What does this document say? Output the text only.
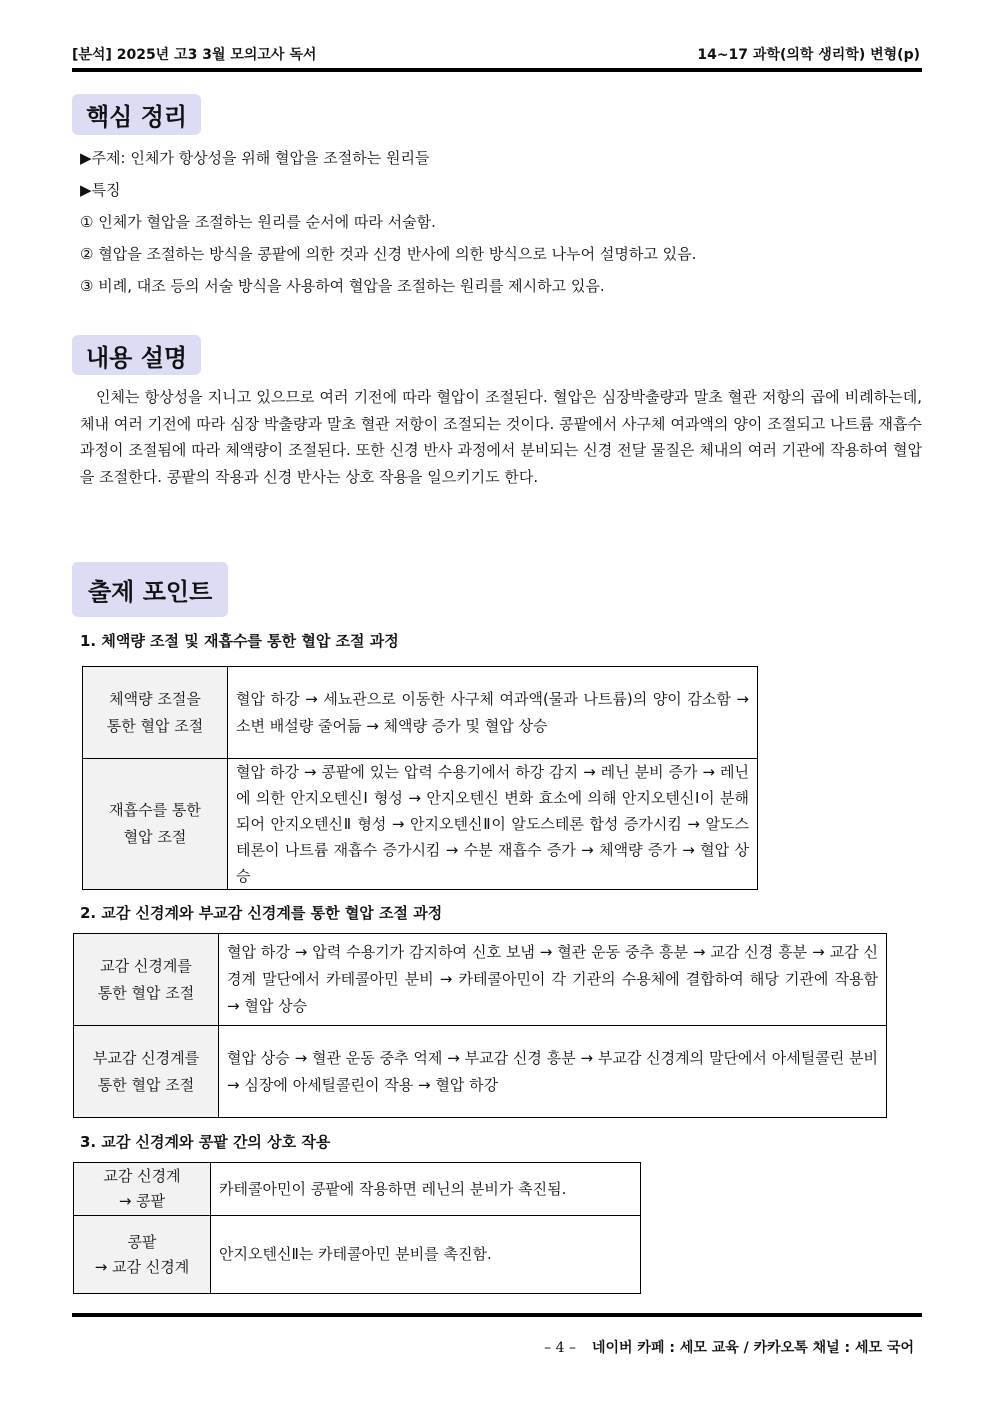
[분석] 2025년 고3 3월 모의고사 독서	14~17 과학(의학 생리학) 변형(p)
핵심 정리
▶주제: 인체가 항상성을 위해 혈압을 조절하는 원리들
▶특징
① 인체가 혈압을 조절하는 원리를 순서에 따라 서술함.
② 혈압을 조절하는 방식을 콩팥에 의한 것과 신경 반사에 의한 방식으로 나누어 설명하고 있음.
③ 비례, 대조 등의 서술 방식을 사용하여 혈압을 조절하는 원리를 제시하고 있음.
내용 설명
인체는 항상성을 지니고 있으므로 여러 기전에 따라 혈압이 조절된다. 혈압은 심장박출량과 말초 혈관 저항의 곱에 비례하는데, 체내 여러 기전에 따라 심장 박출량과 말초 혈관 저항이 조절되는 것이다. 콩팥에서 사구체 여과액의 양이 조절되고 나트륨 재흡수 과정이 조절됨에 따라 체액량이 조절된다. 또한 신경 반사 과정에서 분비되는 신경 전달 물질은 체내의 여러 기관에 작용하여 혈압을 조절한다. 콩팥의 작용과 신경 반사는 상호 작용을 일으키기도 한다.
출제 포인트
1. 체액량 조절 및 재흡수를 통한 혈압 조절 과정
체액량 조절을
통한 혈압 조절	혈압 하강 → 세뇨관으로 이동한 사구체 여과액(물과 나트륨)의 양이 감소함 → 소변 배설량 줄어듦 → 체액량 증가 및 혈압 상승

재흡수를 통한
혈압 조절	혈압 하강 → 콩팥에 있는 압력 수용기에서 하강 감지 → 레닌 분비 증가 → 레닌에 의한 안지오텐신Ⅰ 형성 → 안지오텐신 변화 효소에 의해 안지오텐신Ⅰ이 분해되어 안지오텐신Ⅱ 형성 → 안지오텐신Ⅱ이 알도스테론 합성 증가시킴 → 알도스테론이 나트륨 재흡수 증가시킴 → 수분 재흡수 증가 → 체액량 증가 → 혈압 상승
2. 교감 신경계와 부교감 신경계를 통한 혈압 조절 과정
교감 신경계를
통한 혈압 조절	혈압 하강 → 압력 수용기가 감지하여 신호 보냄 → 혈관 운동 중추 흥분 → 교감 신경 흥분 → 교감 신경계 말단에서 카테콜아민 분비 → 카테콜아민이 각 기관의 수용체에 결합하여 해당 기관에 작용함 → 혈압 상승

부교감 신경계를
통한 혈압 조절	혈압 상승 → 혈관 운동 중추 억제 → 부교감 신경 흥분 → 부교감 신경계의 말단에서 아세틸콜린 분비 → 심장에 아세틸콜린이 작용 → 혈압 하강
3. 교감 신경계와 콩팥 간의 상호 작용
교감 신경계
→ 콩팥	카테콜아민이 콩팥에 작용하면 레닌의 분비가 촉진됨.

콩팥
→ 교감 신경계	안지오텐신Ⅱ는 카테콜아민 분비를 촉진함.
– 4 – 네이버 카페 : 세모 교육 / 카카오톡 채널 : 세모 국어
